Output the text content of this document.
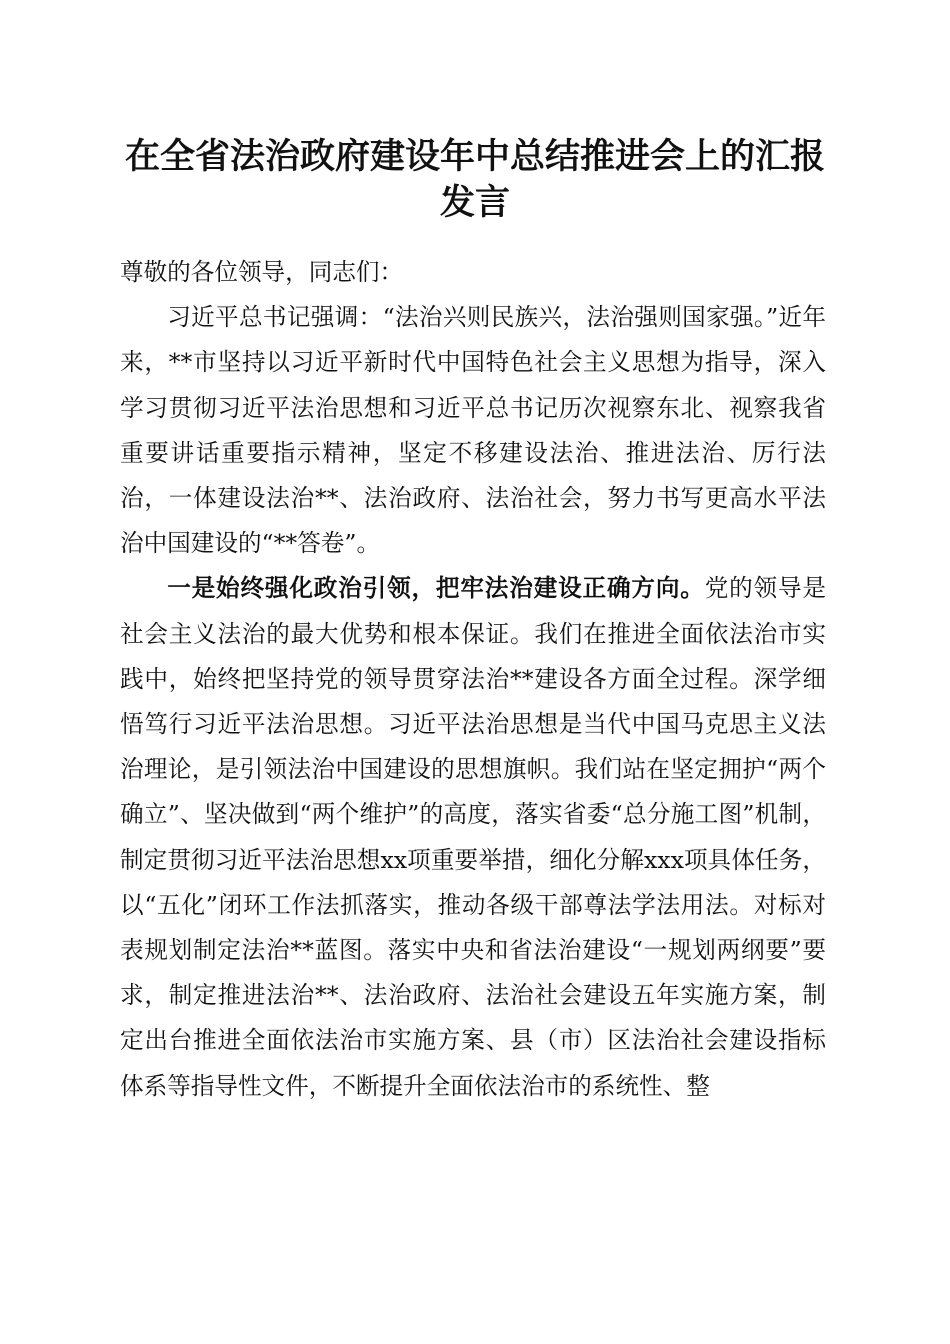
在全省法治政府建设年中总结推进会上的汇报
发言

尊敬的各位领导，同志们：

习近平总书记强调：“法治兴则民族兴，法治强则国家强。”近年来，**市坚持以习近平新时代中国特色社会主义思想为指导，深入学习贯彻习近平法治思想和习近平总书记历次视察东北、视察我省重要讲话重要指示精神，坚定不移建设法治、推进法治、厉行法治，一体建设法治**、法治政府、法治社会，努力书写更高水平法治中国建设的“**答卷”。

一是始终强化政治引领，把牢法治建设正确方向。党的领导是社会主义法治的最大优势和根本保证。我们在推进全面依法治市实践中，始终把坚持党的领导贯穿法治**建设各方面全过程。深学细悟笃行习近平法治思想。习近平法治思想是当代中国马克思主义法治理论，是引领法治中国建设的思想旗帜。我们站在坚定拥护“两个确立”、坚决做到“两个维护”的高度，落实省委“总分施工图”机制，制定贯彻习近平法治思想xx项重要举措，细化分解xxx项具体任务，以“五化”闭环工作法抓落实，推动各级干部尊法学法用法。对标对表规划制定法治**蓝图。落实中央和省法治建设“一规划两纲要”要求，制定推进法治**、法治政府、法治社会建设五年实施方案，制定出台推进全面依法治市实施方案、县（市）区法治社会建设指标体系等指导性文件，不断提升全面依法治市的系统性、整
